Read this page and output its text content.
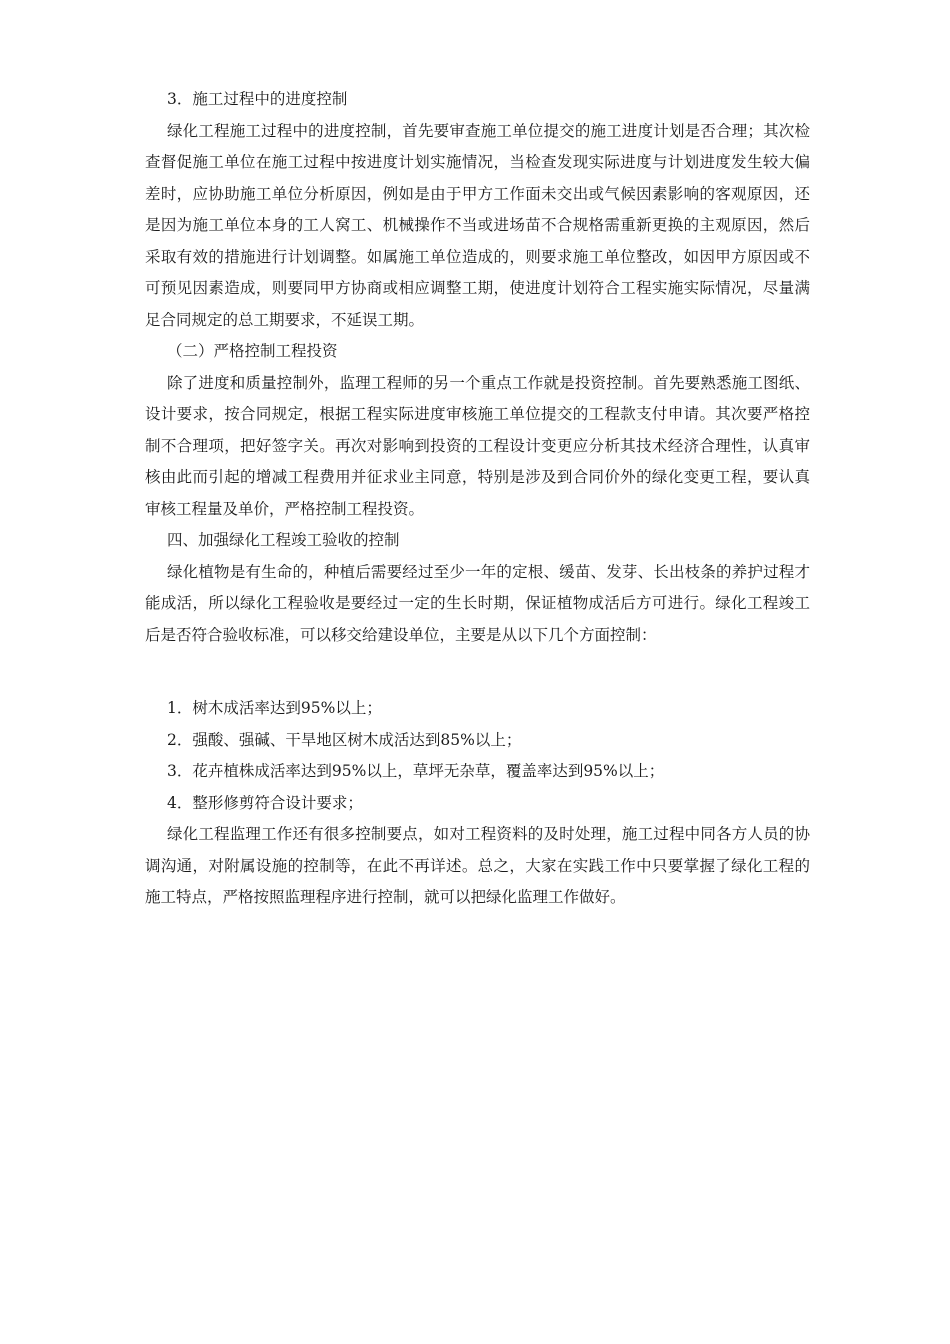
3．施工过程中的进度控制

绿化工程施工过程中的进度控制，首先要审查施工单位提交的施工进度计划是否合理；其次检查督促施工单位在施工过程中按进度计划实施情况，当检查发现实际进度与计划进度发生较大偏差时，应协助施工单位分析原因，例如是由于甲方工作面未交出或气候因素影响的客观原因，还是因为施工单位本身的工人窝工、机械操作不当或进场苗不合规格需重新更换的主观原因，然后采取有效的措施进行计划调整。如属施工单位造成的，则要求施工单位整改，如因甲方原因或不可预见因素造成，则要同甲方协商或相应调整工期，使进度计划符合工程实施实际情况，尽量满足合同规定的总工期要求，不延误工期。

（二）严格控制工程投资

除了进度和质量控制外，监理工程师的另一个重点工作就是投资控制。首先要熟悉施工图纸、设计要求，按合同规定，根据工程实际进度审核施工单位提交的工程款支付申请。其次要严格控制不合理项，把好签字关。再次对影响到投资的工程设计变更应分析其技术经济合理性，认真审核由此而引起的增减工程费用并征求业主同意，特别是涉及到合同价外的绿化变更工程，要认真审核工程量及单价，严格控制工程投资。

四、加强绿化工程竣工验收的控制

绿化植物是有生命的，种植后需要经过至少一年的定根、缓苗、发芽、长出枝条的养护过程才能成活，所以绿化工程验收是要经过一定的生长时期，保证植物成活后方可进行。绿化工程竣工后是否符合验收标准，可以移交给建设单位，主要是从以下几个方面控制：

1．树木成活率达到95%以上；

2．强酸、强碱、干旱地区树木成活达到85%以上；

3．花卉植株成活率达到95%以上，草坪无杂草，覆盖率达到95%以上；

4．整形修剪符合设计要求；

绿化工程监理工作还有很多控制要点，如对工程资料的及时处理，施工过程中同各方人员的协调沟通，对附属设施的控制等，在此不再详述。总之，大家在实践工作中只要掌握了绿化工程的施工特点，严格按照监理程序进行控制，就可以把绿化监理工作做好。
